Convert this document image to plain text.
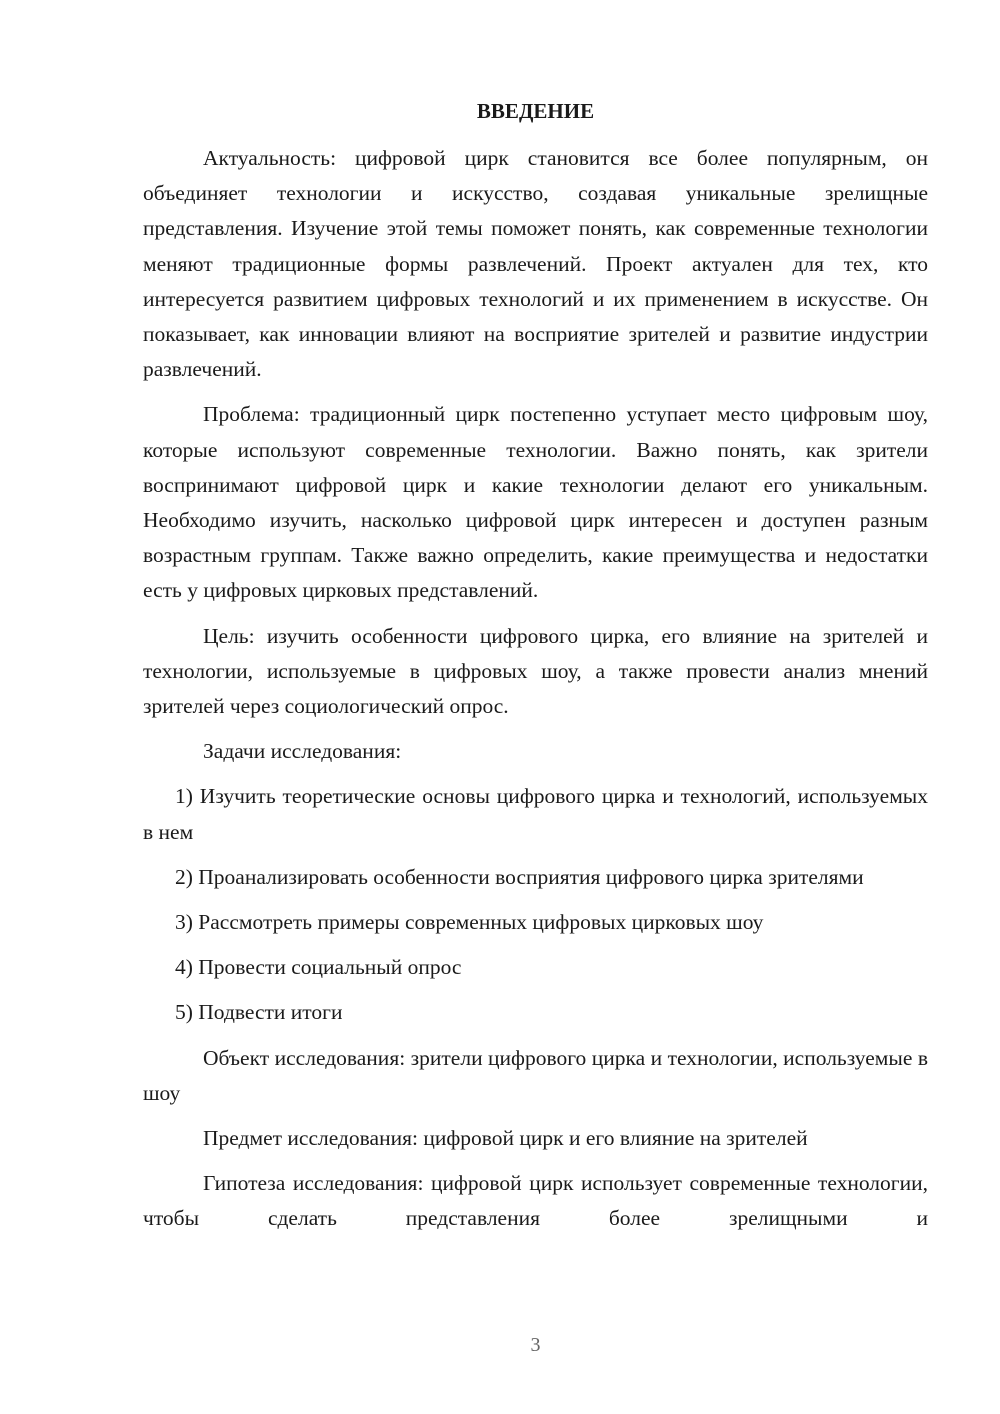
ВВЕДЕНИЕ

Актуальность: цифровой цирк становится все более популярным, он объединяет технологии и искусство, создавая уникальные зрелищные представления. Изучение этой темы поможет понять, как современные технологии меняют традиционные формы развлечений. Проект актуален для тех, кто интересуется развитием цифровых технологий и их применением в искусстве. Он показывает, как инновации влияют на восприятие зрителей и развитие индустрии развлечений.

Проблема: традиционный цирк постепенно уступает место цифровым шоу, которые используют современные технологии. Важно понять, как зрители воспринимают цифровой цирк и какие технологии делают его уникальным. Необходимо изучить, насколько цифровой цирк интересен и доступен разным возрастным группам. Также важно определить, какие преимущества и недостатки есть у цифровых цирковых представлений.

Цель: изучить особенности цифрового цирка, его влияние на зрителей и технологии, используемые в цифровых шоу, а также провести анализ мнений зрителей через социологический опрос.

Задачи исследования:

1) Изучить теоретические основы цифрового цирка и технологий, используемых в нем

2) Проанализировать особенности восприятия цифрового цирка зрителями

3) Рассмотреть примеры современных цифровых цирковых шоу

4) Провести социальный опрос

5) Подвести итоги

Объект исследования: зрители цифрового цирка и технологии, используемые в шоу

Предмет исследования: цифровой цирк и его влияние на зрителей

Гипотеза исследования: цифровой цирк использует современные технологии, чтобы сделать представления более зрелищными и

3
